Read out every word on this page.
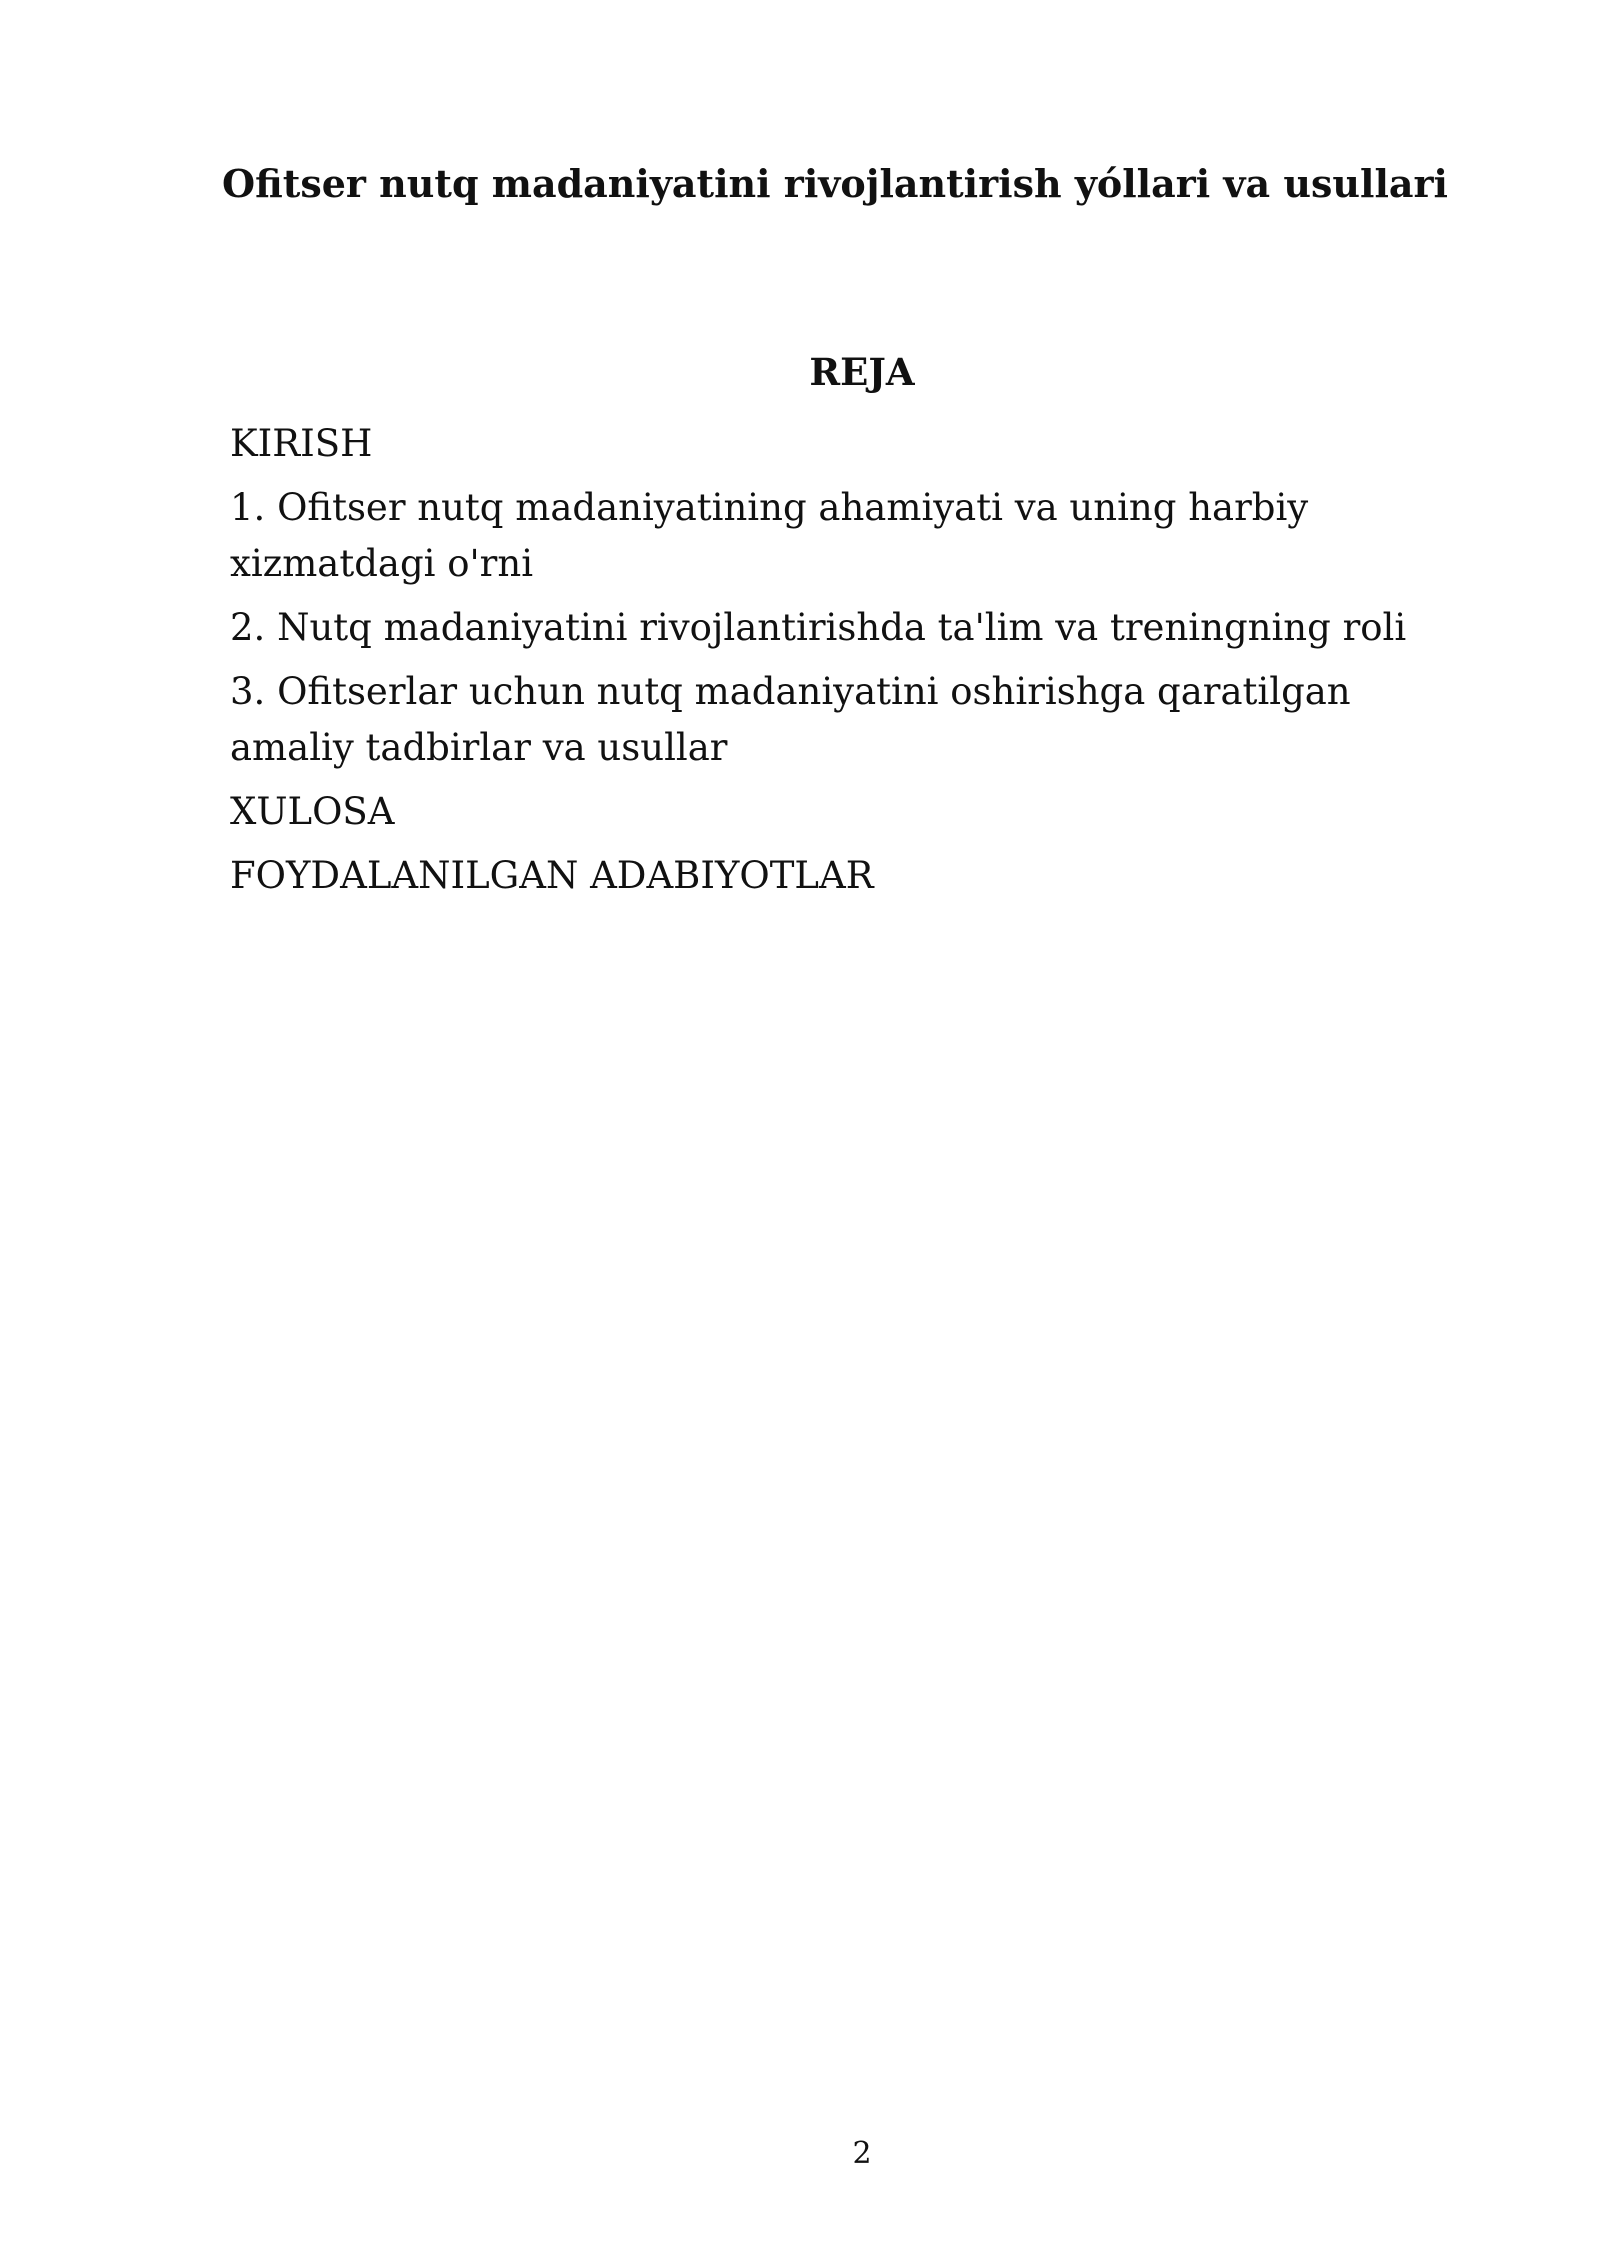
Ofitser nutq madaniyatini rivojlantirish yóllari va usullari
REJA
KIRISH
1. Ofitser nutq madaniyatining ahamiyati va uning harbiy xizmatdagi o'rni
2. Nutq madaniyatini rivojlantirishda ta'lim va treningning roli
3. Ofitserlar uchun nutq madaniyatini oshirishga qaratilgan amaliy tadbirlar va usullar
XULOSA
FOYDALANILGAN ADABIYOTLAR
2
